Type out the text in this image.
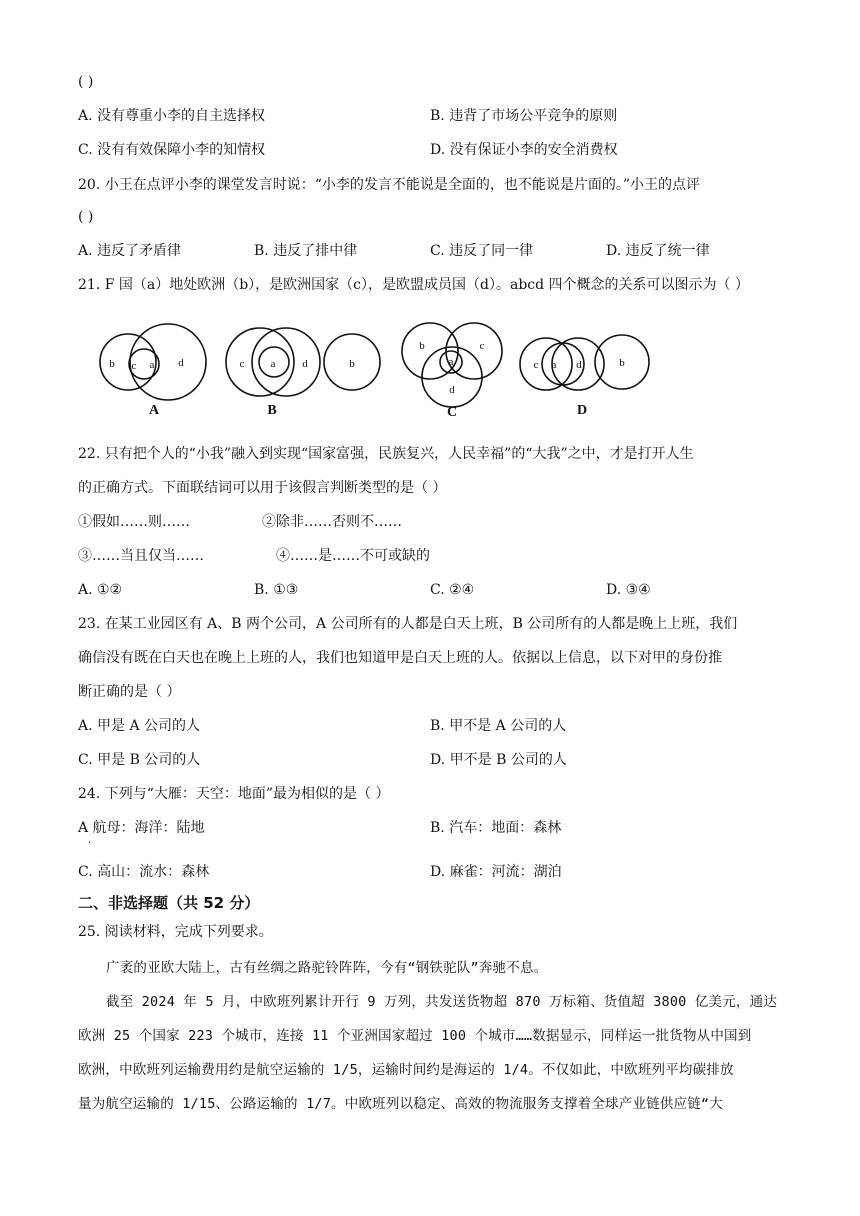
( )
A. 没有尊重小李的自主选择权	B. 违背了市场公平竞争的原则
C. 没有有效保障小李的知情权	D. 没有保证小李的安全消费权
20. 小王在点评小李的课堂发言时说：“小李的发言不能说是全面的，也不能说是片面的。”小王的点评
( )
A. 违反了矛盾律	B. 违反了排中律	C. 违反了同一律	D. 违反了统一律
21. F 国（a）地处欧洲（b），是欧洲国家（c），是欧盟成员国（d）。abcd 四个概念的关系可以图示为（ ）
b c a d	c a d	b
b	c
a
d
c a d	b
A	B	C	D
22. 只有把个人的“小我”融入到实现“国家富强，民族复兴，人民幸福”的“大我”之中，才是打开人生
的正确方式。下面联结词可以用于该假言判断类型的是（ ）
①假如……则……	②除非……否则不……
③……当且仅当……	④……是……不可或缺的
A. ①②	B. ①③	C. ②④	D. ③④
23. 在某工业园区有 A、B 两个公司，A 公司所有的人都是白天上班，B 公司所有的人都是晚上上班，我们
确信没有既在白天也在晚上上班的人，我们也知道甲是白天上班的人。依据以上信息，以下对甲的身份推
断正确的是（ ）
A. 甲是 A 公司的人	B. 甲不是 A 公司的人
C. 甲是 B 公司的人	D. 甲不是 B 公司的人
24. 下列与“大雁：天空：地面”最为相似的是（ ）
A 航母：海洋：陆地
·
B. 汽车：地面：森林
C. 高山：流水：森林	D. 麻雀：河流：湖泊
二、非选择题（共 52 分）
25. 阅读材料，完成下列要求。
广袤的亚欧大陆上，古有丝绸之路驼铃阵阵，今有“钢铁驼队”奔驰不息。
截至 2024 年 5 月，中欧班列累计开行 9 万列，共发送货物超 870 万标箱、货值超 3800 亿美元，通达
欧洲 25 个国家 223 个城市，连接 11 个亚洲国家超过 100 个城市……数据显示，同样运一批货物从中国到
欧洲，中欧班列运输费用约是航空运输的 1/5，运输时间约是海运的 1/4。不仅如此，中欧班列平均碳排放
量为航空运输的 1/15、公路运输的 1/7。中欧班列以稳定、高效的物流服务支撑着全球产业链供应链“大
